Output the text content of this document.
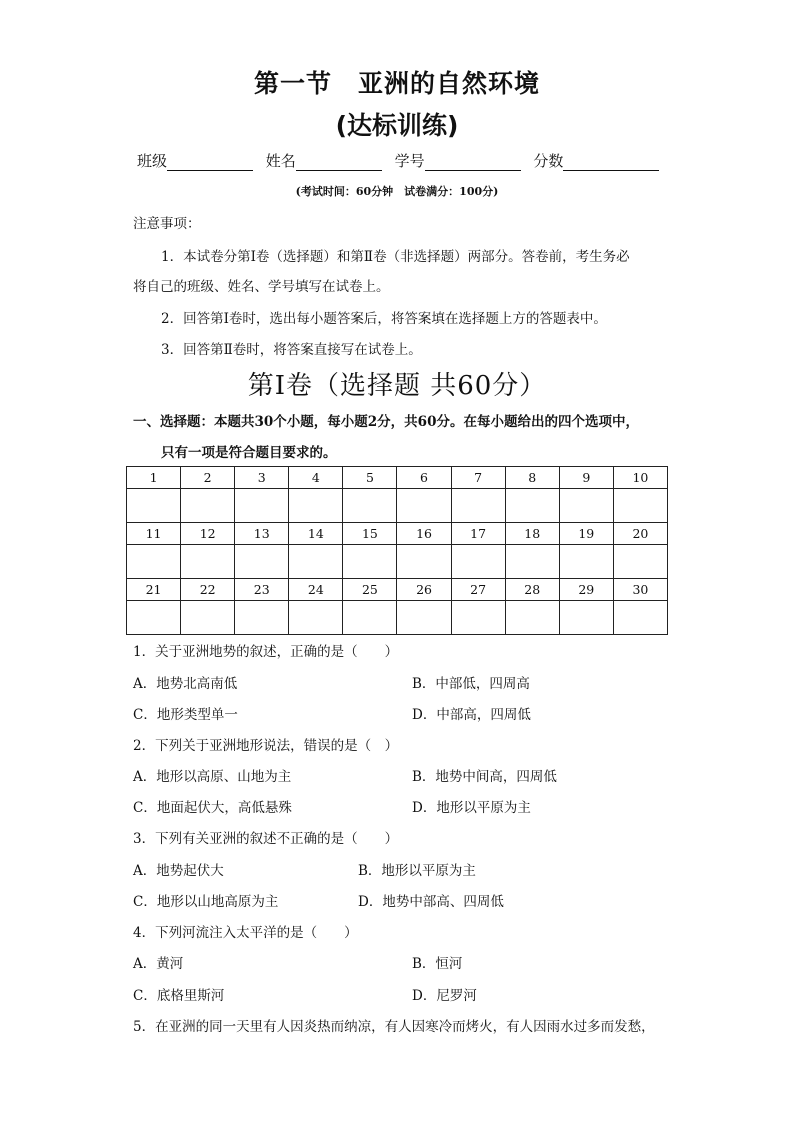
第一节　亚洲的自然环境
(达标训练)
班级	姓名	学号	分数
(考试时间：60分钟　试卷满分：100分)
注意事项：
1．本试卷分第Ⅰ卷（选择题）和第Ⅱ卷（非选择题）两部分。答卷前，考生务必
将自己的班级、姓名、学号填写在试卷上。
2．回答第Ⅰ卷时，选出每小题答案后，将答案填在选择题上方的答题表中。
3．回答第Ⅱ卷时，将答案直接写在试卷上。
第Ⅰ卷（选择题 共60分）
一、选择题：本题共30个小题，每小题2分，共60分。在每小题给出的四个选项中，
只有一项是符合题目要求的。
1	2	3	4	5	6	7	8	9	10

11	12	13	14	15	16	17	18	19	20

21	22	23	24	25	26	27	28	29	30

1．关于亚洲地势的叙述，正确的是（　　）
A．地势北高南低	B．中部低，四周高
C．地形类型单一	D．中部高，四周低
2．下列关于亚洲地形说法，错误的是（　）
A．地形以高原、山地为主	B．地势中间高，四周低
C．地面起伏大，高低悬殊	D．地形以平原为主
3．下列有关亚洲的叙述不正确的是（　　）
A．地势起伏大	B．地形以平原为主
C．地形以山地高原为主	D．地势中部高、四周低
4．下列河流注入太平洋的是（　　）
A．黄河	B．恒河
C．底格里斯河	D．尼罗河
5．在亚洲的同一天里有人因炎热而纳凉，有人因寒冷而烤火，有人因雨水过多而发愁，
